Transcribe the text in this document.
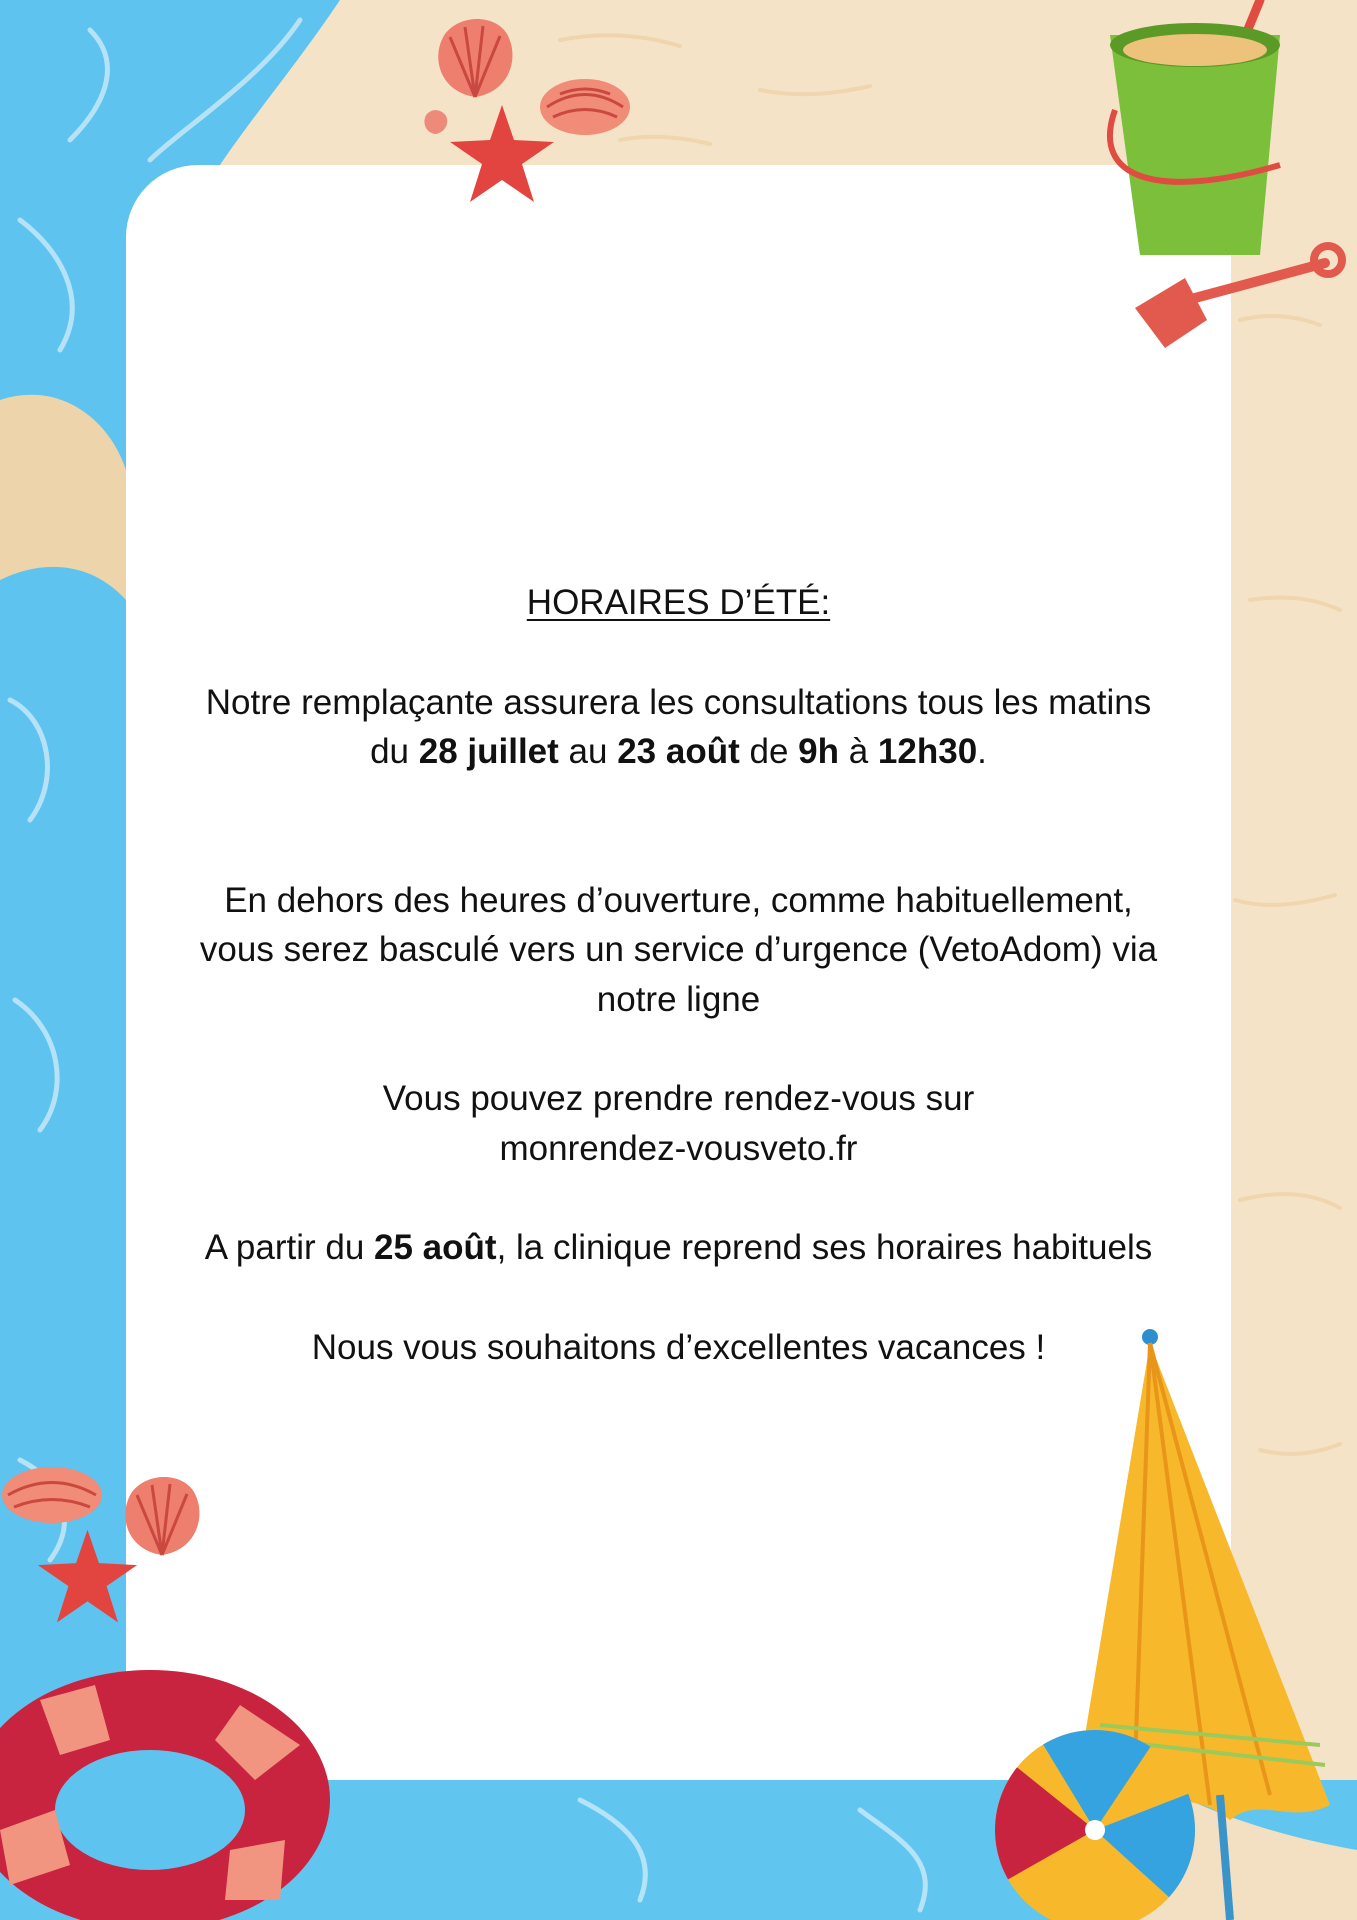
HORAIRES D’ÉTÉ:

Notre remplaçante assurera les consultations tous les matins

du 28 juillet au 23 août de 9h à 12h30.

En dehors des heures d’ouverture, comme habituellement,

vous serez basculé vers un service d’urgence (VetoAdom) via

notre ligne

Vous pouvez prendre rendez-vous sur

monrendez-vousveto.fr

A partir du 25 août, la clinique reprend ses horaires habituels

Nous vous souhaitons d’excellentes vacances !
